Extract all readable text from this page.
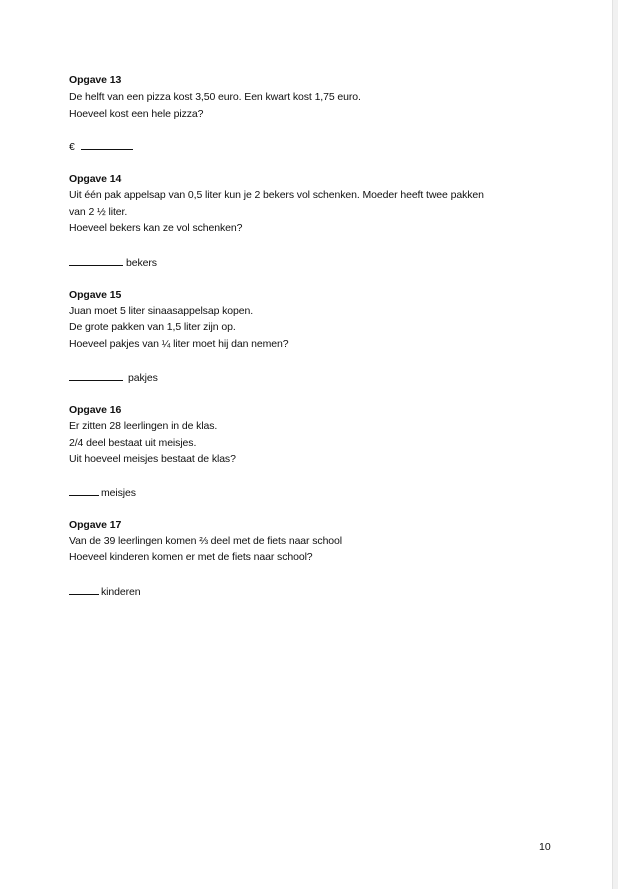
Opgave 13
De helft van een pizza kost 3,50 euro. Een kwart kost 1,75 euro.
Hoeveel kost een hele pizza?
€
Opgave 14
Uit één pak appelsap van 0,5 liter kun je 2 bekers vol schenken. Moeder heeft twee pakken
van 2 ½ liter.
Hoeveel bekers kan ze vol schenken?
bekers
Opgave 15
Juan moet 5 liter sinaasappelsap kopen.
De grote pakken van 1,5 liter zijn op.
Hoeveel pakjes van ¼ liter moet hij dan nemen?
pakjes
Opgave 16
Er zitten 28 leerlingen in de klas.
2/4 deel bestaat uit meisjes.
Uit hoeveel meisjes bestaat de klas?
meisjes
Opgave 17
Van de 39 leerlingen komen ⅔ deel met de fiets naar school
Hoeveel kinderen komen er met de fiets naar school?
kinderen
10
